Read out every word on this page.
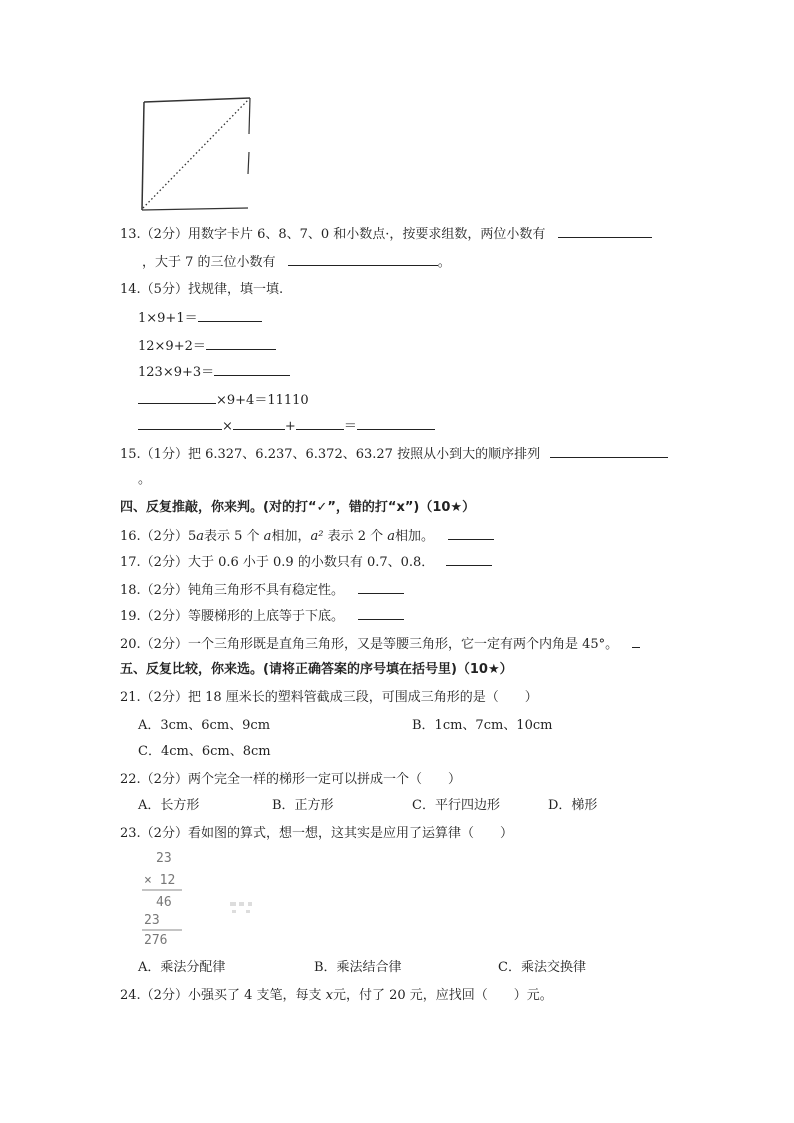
13.（2分）用数字卡片 6、8、7、0 和小数点·，按要求组数，两位小数有
，大于 7 的三位小数有	。
14.（5分）找规律，填一填.
1×9+1＝
12×9+2＝
123×9+3＝
×9+4＝11110
×	+	＝
15.（1分）把 6.327、6.237、6.372、63.27 按照从小到大的顺序排列
。
四、反复推敲，你来判。(对的打“✓”，错的打“x”)（10★）
16.（2分）5a表示 5 个 a相加，a² 表示 2 个 a相加。
17.（2分）大于 0.6 小于 0.9 的小数只有 0.7、0.8．
18.（2分）钝角三角形不具有稳定性。
19.（2分）等腰梯形的上底等于下底。
20.（2分）一个三角形既是直角三角形，又是等腰三角形，它一定有两个内角是 45°。
五、反复比较，你来选。(请将正确答案的序号填在括号里)（10★）
21.（2分）把 18 厘米长的塑料管截成三段，可围成三角形的是（　　）
A．3cm、6cm、9cm	B．1cm、7cm、10cm
C．4cm、6cm、8cm
22.（2分）两个完全一样的梯形一定可以拼成一个（　　）
A．长方形	B．正方形	C．平行四边形	D．梯形
23.（2分）看如图的算式，想一想，这其实是应用了运算律（　　）
23
× 12
46
23
276
A．乘法分配律	B．乘法结合律	C．乘法交换律
24.（2分）小强买了 4 支笔，每支 x元，付了 20 元，应找回（　　）元。
